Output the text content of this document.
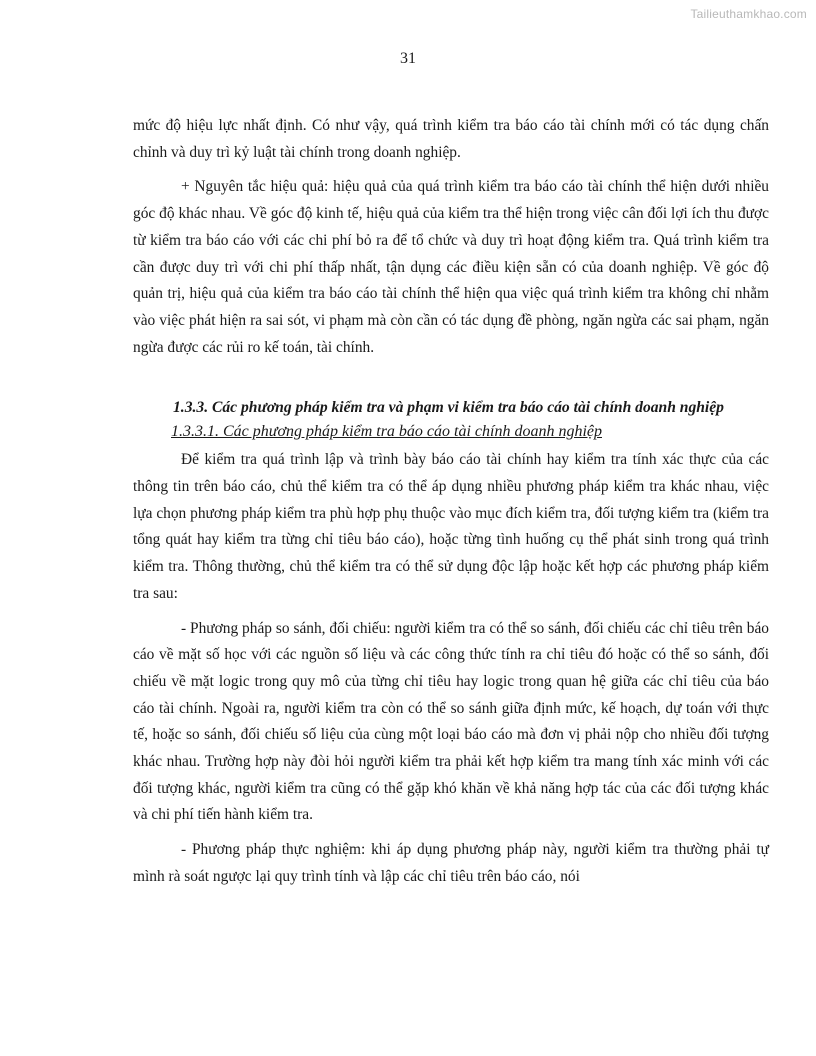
Tailieuthamkhao.com
31

mức độ hiệu lực nhất định. Có như vậy, quá trình kiểm tra báo cáo tài chính mới có tác dụng chấn chỉnh và duy trì kỷ luật tài chính trong doanh nghiệp.

+ Nguyên tắc hiệu quả: hiệu quả của quá trình kiểm tra báo cáo tài chính thể hiện dưới nhiều góc độ khác nhau. Về góc độ kinh tế, hiệu quả của kiểm tra thể hiện trong việc cân đối lợi ích thu được từ kiểm tra báo cáo với các chi phí bỏ ra để tổ chức và duy trì hoạt động kiểm tra. Quá trình kiểm tra cần được duy trì với chi phí thấp nhất, tận dụng các điều kiện sẵn có của doanh nghiệp. Về góc độ quản trị, hiệu quả của kiểm tra báo cáo tài chính thể hiện qua việc quá trình kiểm tra không chỉ nhằm vào việc phát hiện ra sai sót, vi phạm mà còn cần có tác dụng đề phòng, ngăn ngừa các sai phạm, ngăn ngừa được các rủi ro kế toán, tài chính.

1.3.3. Các phương pháp kiểm tra và phạm vi kiểm tra báo cáo tài chính doanh nghiệp

1.3.3.1. Các phương pháp kiểm tra báo cáo tài chính doanh nghiệp

Để kiểm tra quá trình lập và trình bày báo cáo tài chính hay kiểm tra tính xác thực của các thông tin trên báo cáo, chủ thể kiểm tra có thể áp dụng nhiều phương pháp kiểm tra khác nhau, việc lựa chọn phương pháp kiểm tra phù hợp phụ thuộc vào mục đích kiểm tra, đối tượng kiểm tra (kiểm tra tổng quát hay kiểm tra từng chỉ tiêu báo cáo), hoặc từng tình huống cụ thể phát sinh trong quá trình kiểm tra. Thông thường, chủ thể kiểm tra có thể sử dụng độc lập hoặc kết hợp các phương pháp kiểm tra sau:

- Phương pháp so sánh, đối chiếu: người kiểm tra có thể so sánh, đối chiếu các chỉ tiêu trên báo cáo về mặt số học với các nguồn số liệu và các công thức tính ra chỉ tiêu đó hoặc có thể so sánh, đối chiếu về mặt logic trong quy mô của từng chỉ tiêu hay logic trong quan hệ giữa các chỉ tiêu của báo cáo tài chính. Ngoài ra, người kiểm tra còn có thể so sánh giữa định mức, kế hoạch, dự toán với thực tế, hoặc so sánh, đối chiếu số liệu của cùng một loại báo cáo mà đơn vị phải nộp cho nhiều đối tượng khác nhau. Trường hợp này đòi hỏi người kiểm tra phải kết hợp kiểm tra mang tính xác minh với các đối tượng khác, người kiểm tra cũng có thể gặp khó khăn về khả năng hợp tác của các đối tượng khác và chi phí tiến hành kiểm tra.

- Phương pháp thực nghiệm: khi áp dụng phương pháp này, người kiểm tra thường phải tự mình rà soát ngược lại quy trình tính và lập các chỉ tiêu trên báo cáo, nói
